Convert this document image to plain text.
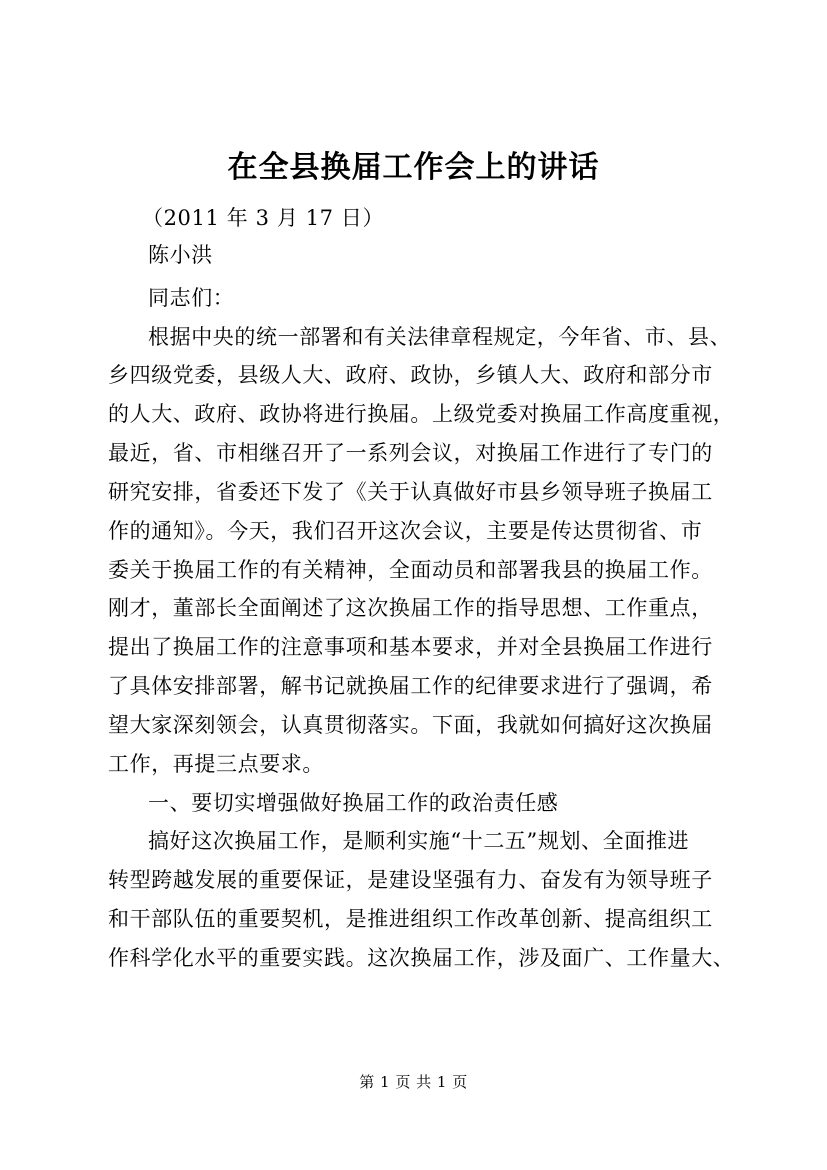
在全县换届工作会上的讲话
（2011 年 3 月 17 日）
陈小洪
同志们：
根据中央的统一部署和有关法律章程规定，今年省、市、县、
乡四级党委，县级人大、政府、政协，乡镇人大、政府和部分市
的人大、政府、政协将进行换届。上级党委对换届工作高度重视，
最近，省、市相继召开了一系列会议，对换届工作进行了专门的
研究安排，省委还下发了《关于认真做好市县乡领导班子换届工
作的通知》。今天，我们召开这次会议，主要是传达贯彻省、市
委关于换届工作的有关精神，全面动员和部署我县的换届工作。
刚才，董部长全面阐述了这次换届工作的指导思想、工作重点，
提出了换届工作的注意事项和基本要求，并对全县换届工作进行
了具体安排部署，解书记就换届工作的纪律要求进行了强调，希
望大家深刻领会，认真贯彻落实。下面，我就如何搞好这次换届
工作，再提三点要求。
一、要切实增强做好换届工作的政治责任感
搞好这次换届工作，是顺利实施“十二五”规划、全面推进
转型跨越发展的重要保证，是建设坚强有力、奋发有为领导班子
和干部队伍的重要契机，是推进组织工作改革创新、提高组织工
作科学化水平的重要实践。这次换届工作，涉及面广、工作量大、
第 1 页 共 1 页
